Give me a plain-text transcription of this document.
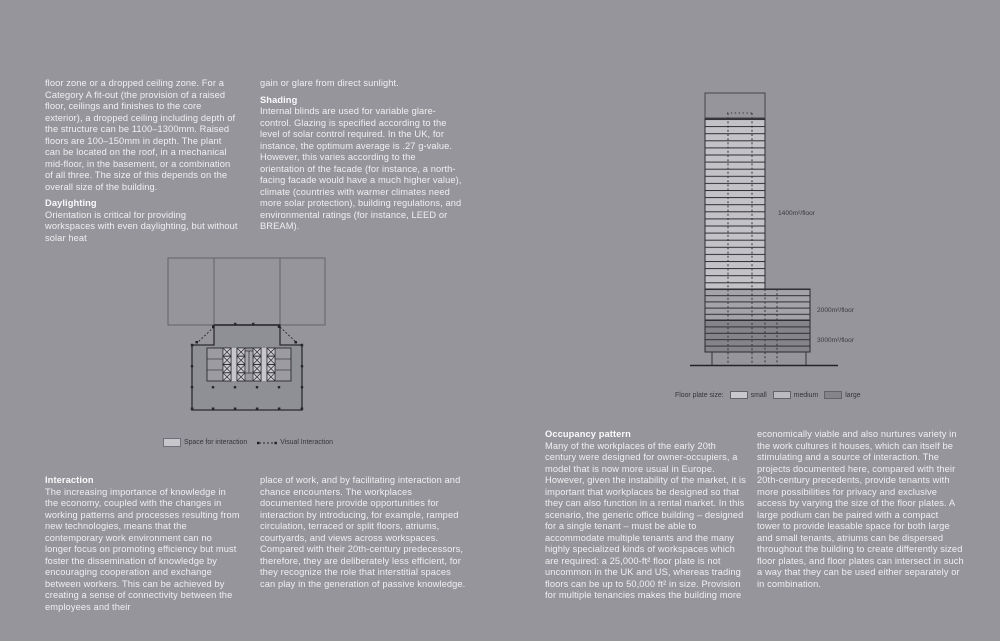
floor zone or a dropped ceiling zone. For a Category A fit-out (the provision of a raised floor, ceilings and finishes to the core exterior), a dropped ceiling including depth of the structure can be 1100–1300mm. Raised floors are 100–150mm in depth. The plant can be located on the roof, in a mechanical mid-floor, in the basement, or a combination of all three. The size of this depends on the overall size of the building.

Daylighting

Orientation is critical for providing workspaces with even daylighting, but without solar heat

gain or glare from direct sunlight.

Shading

Internal blinds are used for variable glare-control. Glazing is specified according to the level of solar control required. In the UK, for instance, the optimum average is .27 g-value. However, this varies according to the orientation of the facade (for instance, a north-facing facade would have a much higher value), climate (countries with warmer climates need more solar protection), building regulations, and environmental ratings (for instance, LEED or BREAM).

Space for interaction	Visual Interaction
1400m²/floor
2000m²/floor
3000m²/floor
Floor plate size:	small	medium	large
Interaction

The increasing importance of knowledge in the economy, coupled with the changes in working patterns and processes resulting from new technologies, means that the contemporary work environment can no longer focus on promoting efficiency but must foster the dissemination of knowledge by encouraging cooperation and exchange between workers. This can be achieved by creating a sense of connectivity between the employees and their

place of work, and by facilitating interaction and chance encounters. The workplaces documented here provide opportunities for interaction by introducing, for example, ramped circulation, terraced or split floors, atriums, courtyards, and views across workspaces. Compared with their 20th-century predecessors, therefore, they are deliberately less efficient, for they recognize the role that interstitial spaces can play in the generation of passive knowledge.

Occupancy pattern

Many of the workplaces of the early 20th century were designed for owner-occupiers, a model that is now more usual in Europe. However, given the instability of the market, it is important that workplaces be designed so that they can also function in a rental market. In this scenario, the generic office building – designed for a single tenant – must be able to accommodate multiple tenants and the many highly specialized kinds of workspaces which are required: a 25,000-ft² floor plate is not uncommon in the UK and US, whereas trading floors can be up to 50,000 ft² in size. Provision for multiple tenancies makes the building more

economically viable and also nurtures variety in the work cultures it houses, which can itself be stimulating and a source of interaction. The projects documented here, compared with their 20th-century precedents, provide tenants with more possibilities for privacy and exclusive access by varying the size of the floor plates. A large podium can be paired with a compact tower to provide leasable space for both large and small tenants, atriums can be dispersed throughout the building to create differently sized floor plates, and floor plates can intersect in such a way that they can be used either separately or in combination.
